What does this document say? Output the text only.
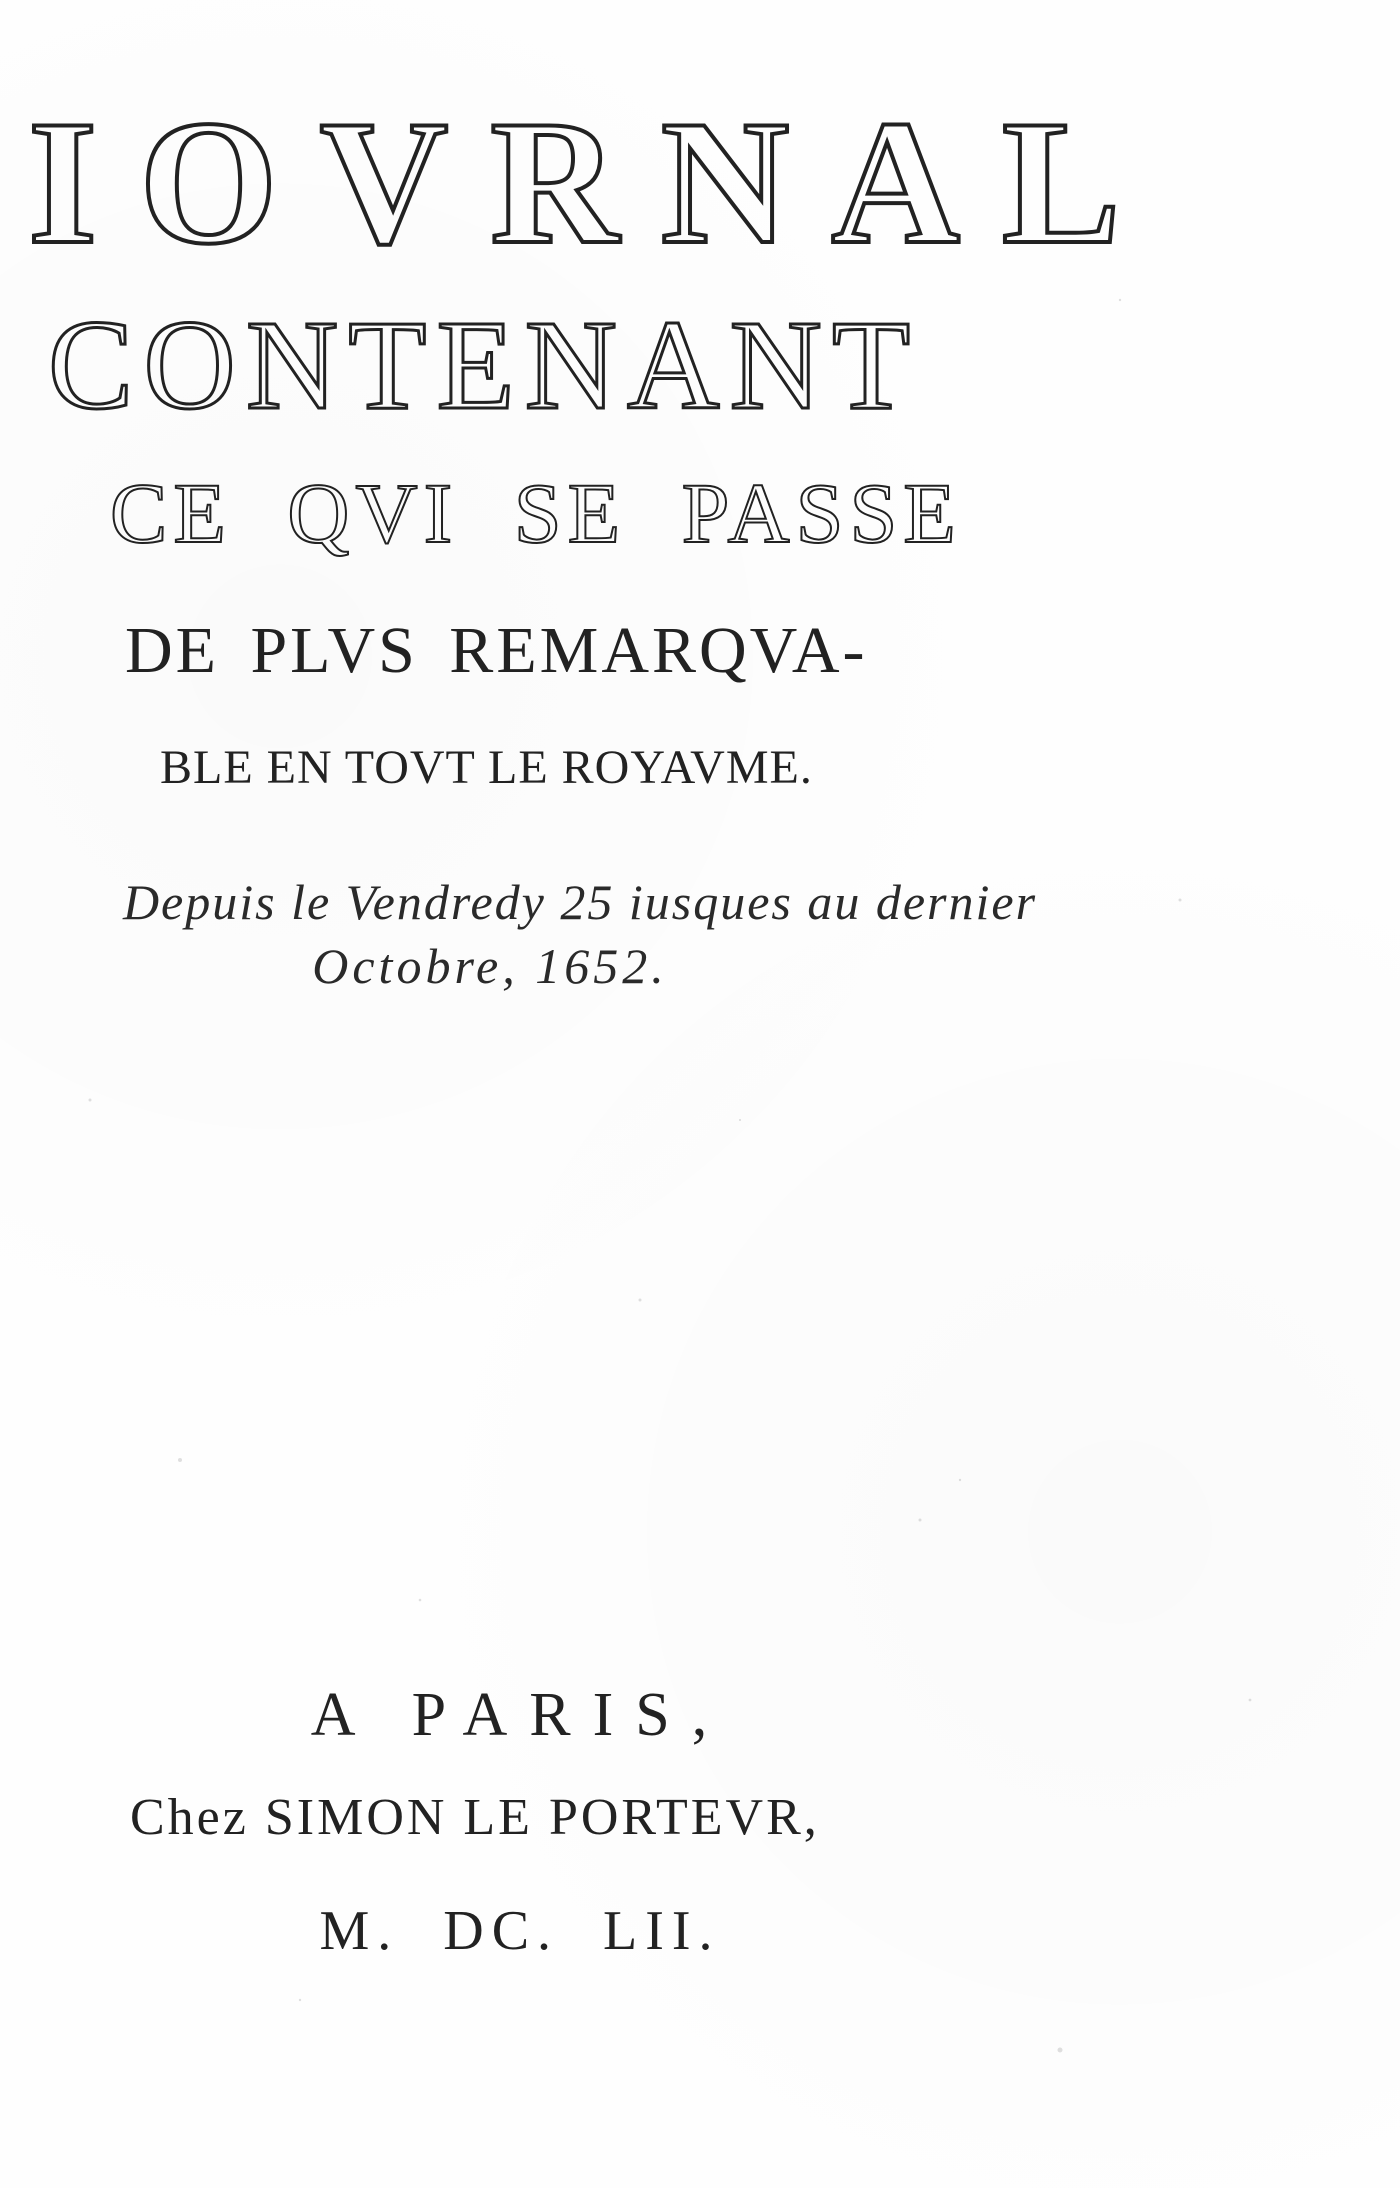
IOVRNAL
CONTENANT
CE QVI SE PASSE
DE PLVS REMARQVA-
BLE EN TOVT LE ROYAVME.
Depuis le Vendredy 25 iusques au dernier
Octobre, 1652.
A PARIS,
Chez SIMON LE PORTEVR,
M. DC. LII.
